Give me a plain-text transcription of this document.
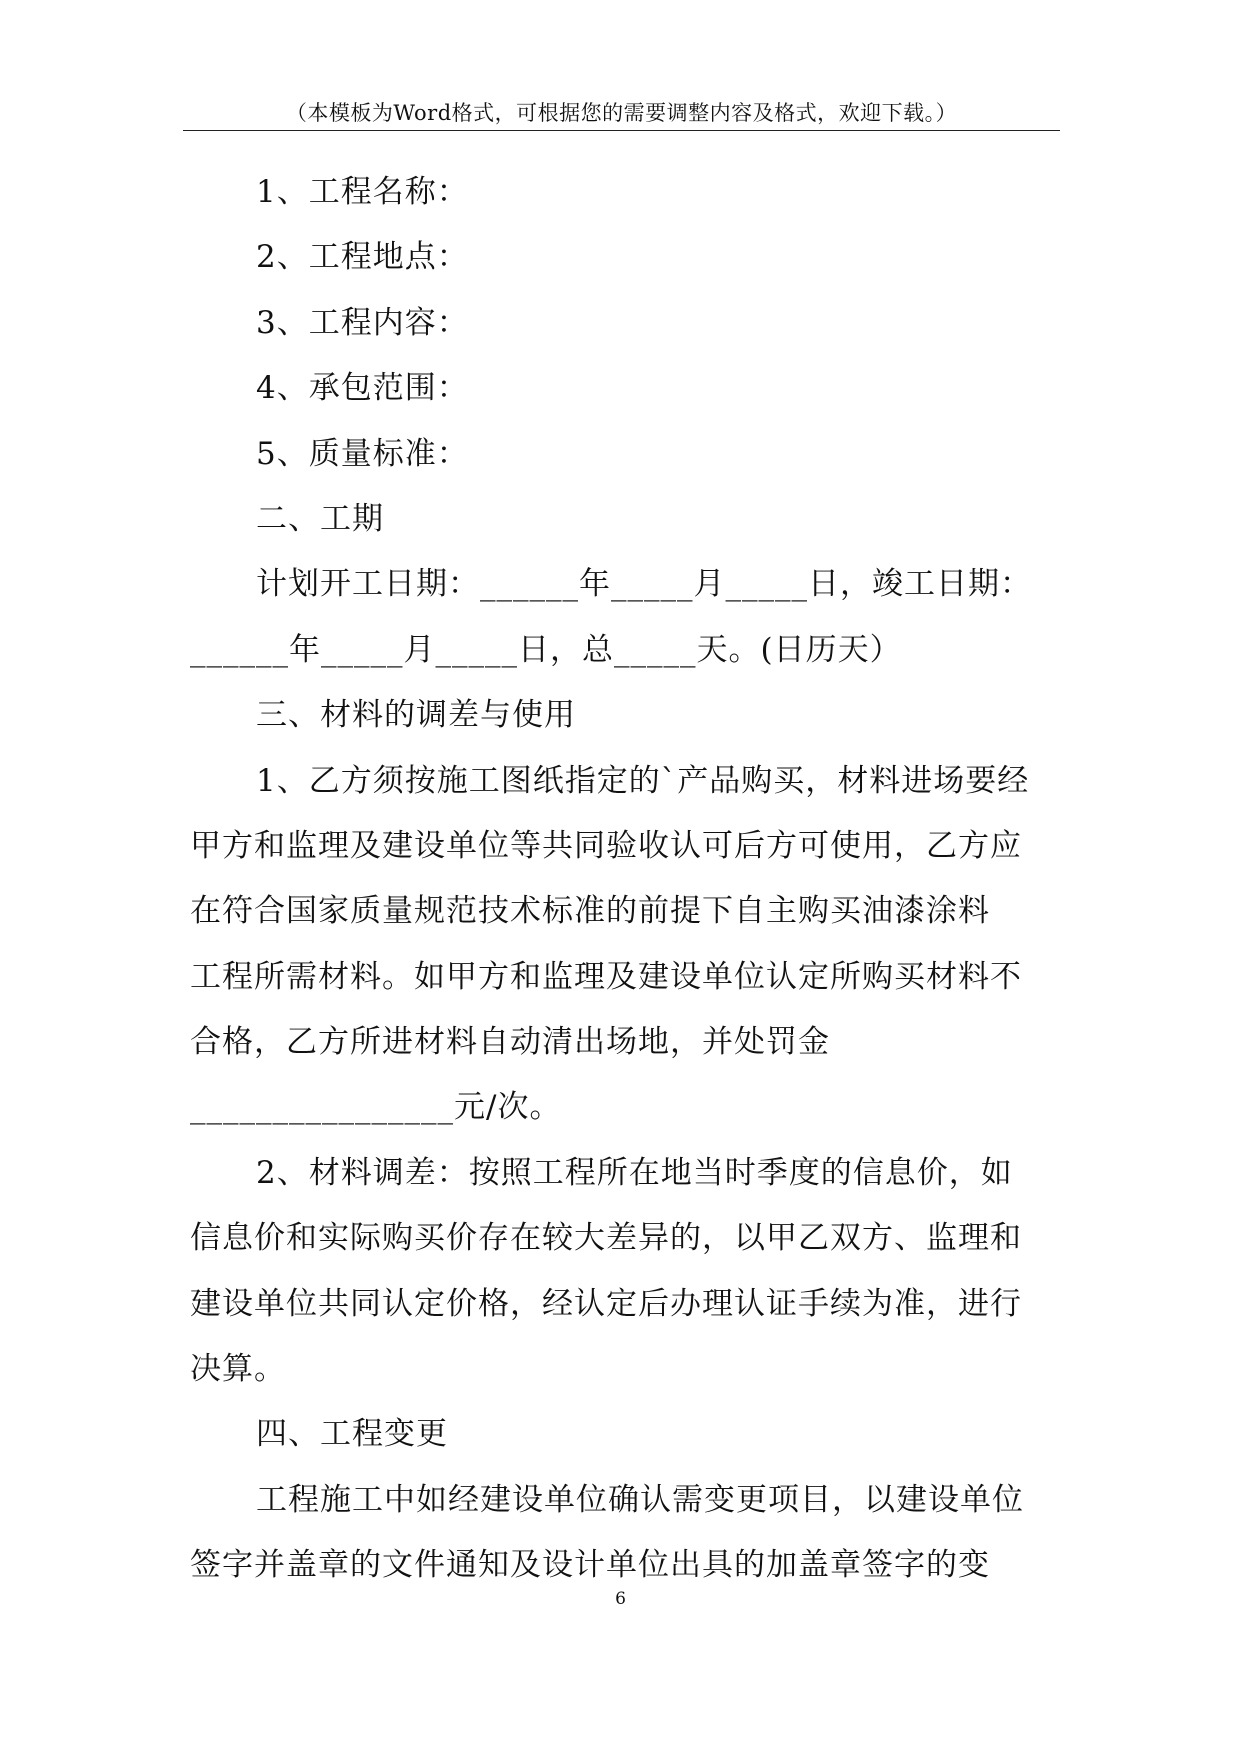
（本模板为Word格式，可根据您的需要调整内容及格式，欢迎下载。）
1、工程名称：
2、工程地点：
3、工程内容：
4、承包范围：
5、质量标准：
二、工期
计划开工日期：______年_____月_____日，竣工日期：
______年_____月_____日，总_____天。(日历天）
三、材料的调差与使用
1、乙方须按施工图纸指定的`产品购买，材料进场要经
甲方和监理及建设单位等共同验收认可后方可使用，乙方应
在符合国家质量规范技术标准的前提下自主购买油漆涂料
工程所需材料。如甲方和监理及建设单位认定所购买材料不
合格，乙方所进材料自动清出场地，并处罚金
________________元/次。
2、材料调差：按照工程所在地当时季度的信息价，如
信息价和实际购买价存在较大差异的，以甲乙双方、监理和
建设单位共同认定价格，经认定后办理认证手续为准，进行
决算。
四、工程变更
工程施工中如经建设单位确认需变更项目，以建设单位
签字并盖章的文件通知及设计单位出具的加盖章签字的变
6
